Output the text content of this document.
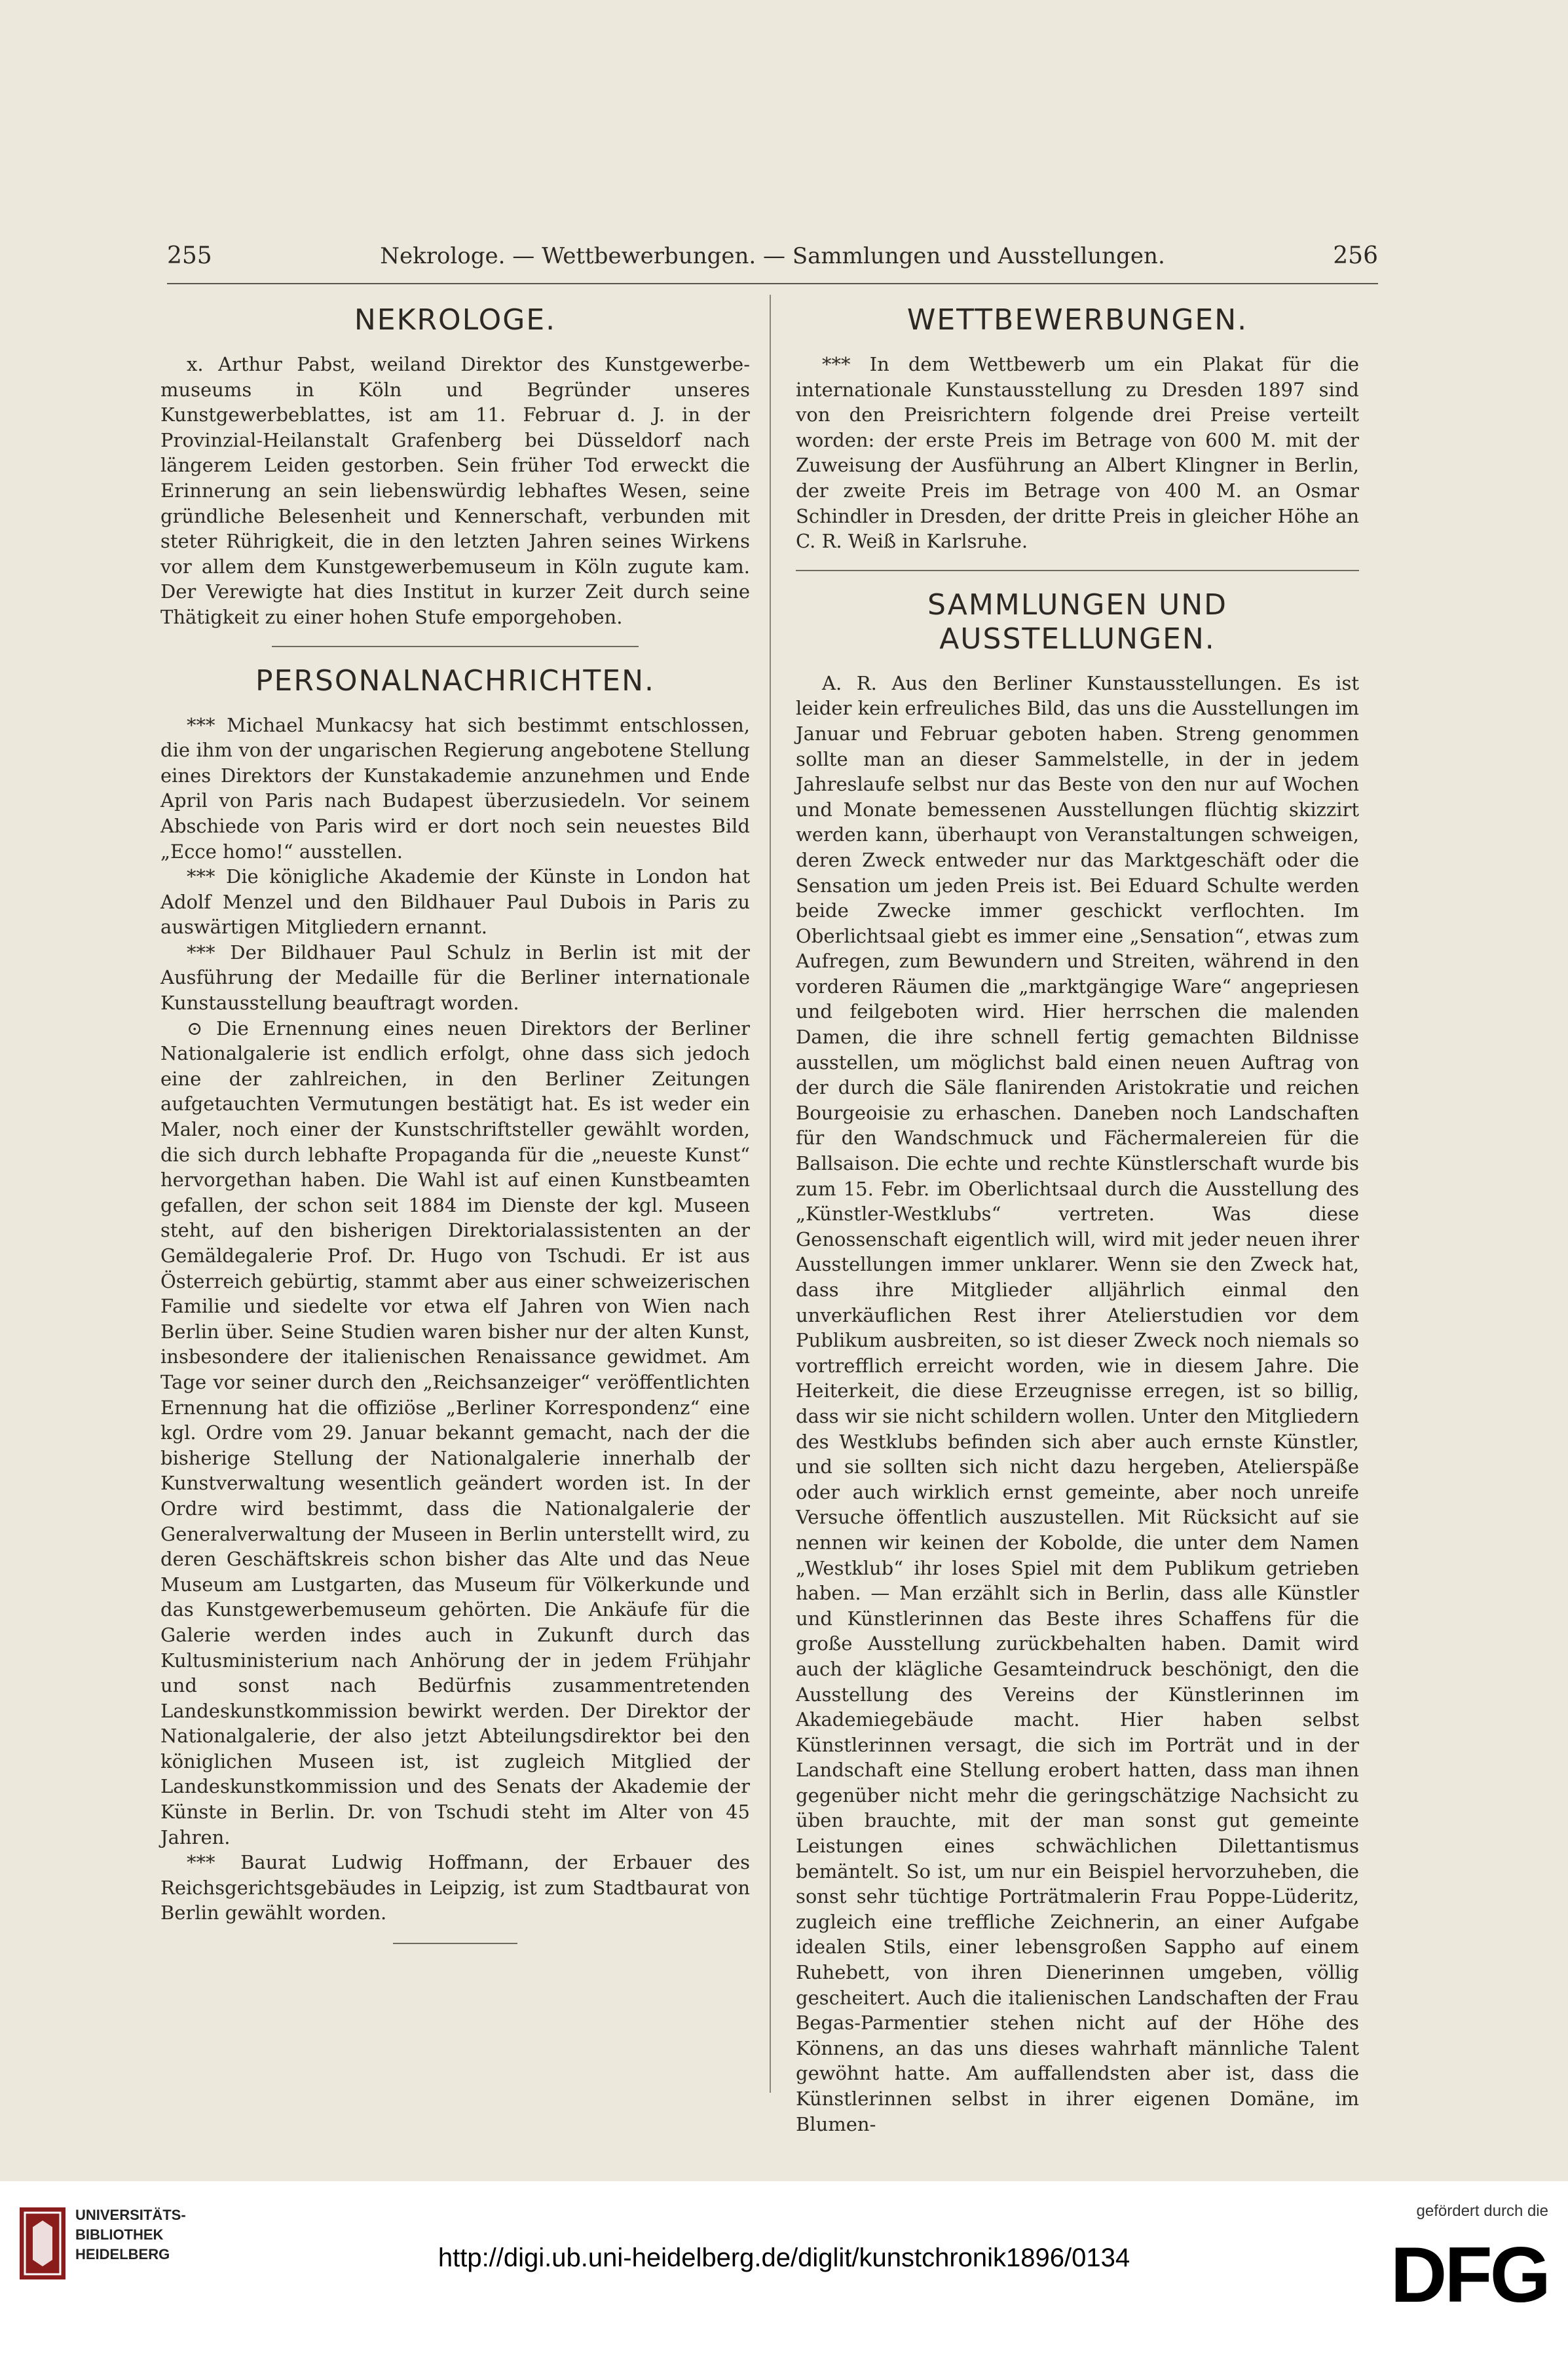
255	Nekrologe. — Wettbewerbungen. — Sammlungen und Ausstellungen.	256
NEKROLOGE.

x. Arthur Pabst, weiland Direktor des Kunstgewerbe-museums in Köln und Begründer unseres Kunstgewerbeblattes, ist am 11. Februar d. J. in der Provinzial-Heilanstalt Grafenberg bei Düsseldorf nach längerem Leiden gestorben. Sein früher Tod erweckt die Erinnerung an sein liebenswürdig lebhaftes Wesen, seine gründliche Belesenheit und Kennerschaft, verbunden mit steter Rührigkeit, die in den letzten Jahren seines Wirkens vor allem dem Kunstgewerbemuseum in Köln zugute kam. Der Verewigte hat dies Institut in kurzer Zeit durch seine Thätigkeit zu einer hohen Stufe emporgehoben.

PERSONALNACHRICHTEN.

*** Michael Munkacsy hat sich bestimmt entschlossen, die ihm von der ungarischen Regierung angebotene Stellung eines Direktors der Kunstakademie anzunehmen und Ende April von Paris nach Budapest überzusiedeln. Vor seinem Abschiede von Paris wird er dort noch sein neuestes Bild „Ecce homo!“ ausstellen.

*** Die königliche Akademie der Künste in London hat Adolf Menzel und den Bildhauer Paul Dubois in Paris zu auswärtigen Mitgliedern ernannt.

*** Der Bildhauer Paul Schulz in Berlin ist mit der Ausführung der Medaille für die Berliner internationale Kunstausstellung beauftragt worden.

⊙ Die Ernennung eines neuen Direktors der Berliner Nationalgalerie ist endlich erfolgt, ohne dass sich jedoch eine der zahlreichen, in den Berliner Zeitungen aufgetauchten Vermutungen bestätigt hat. Es ist weder ein Maler, noch einer der Kunstschriftsteller gewählt worden, die sich durch lebhafte Propaganda für die „neueste Kunst“ hervorgethan haben. Die Wahl ist auf einen Kunstbeamten gefallen, der schon seit 1884 im Dienste der kgl. Museen steht, auf den bisherigen Direktorialassistenten an der Gemäldegalerie Prof. Dr. Hugo von Tschudi. Er ist aus Österreich gebürtig, stammt aber aus einer schweizerischen Familie und siedelte vor etwa elf Jahren von Wien nach Berlin über. Seine Studien waren bisher nur der alten Kunst, insbesondere der italienischen Renaissance gewidmet. Am Tage vor seiner durch den „Reichsanzeiger“ veröffentlichten Ernennung hat die offiziöse „Berliner Korrespondenz“ eine kgl. Ordre vom 29. Januar bekannt gemacht, nach der die bisherige Stellung der Nationalgalerie innerhalb der Kunstverwaltung wesentlich geändert worden ist. In der Ordre wird bestimmt, dass die Nationalgalerie der Generalverwaltung der Museen in Berlin unterstellt wird, zu deren Geschäftskreis schon bisher das Alte und das Neue Museum am Lustgarten, das Museum für Völkerkunde und das Kunstgewerbemuseum gehörten. Die Ankäufe für die Galerie werden indes auch in Zukunft durch das Kultusministerium nach Anhörung der in jedem Frühjahr und sonst nach Bedürfnis zusammentretenden Landeskunstkommission bewirkt werden. Der Direktor der Nationalgalerie, der also jetzt Abteilungsdirektor bei den königlichen Museen ist, ist zugleich Mitglied der Landeskunstkommission und des Senats der Akademie der Künste in Berlin. Dr. von Tschudi steht im Alter von 45 Jahren.

*** Baurat Ludwig Hoffmann, der Erbauer des Reichsgerichtsgebäudes in Leipzig, ist zum Stadtbaurat von Berlin gewählt worden.

WETTBEWERBUNGEN.

*** In dem Wettbewerb um ein Plakat für die internationale Kunstausstellung zu Dresden 1897 sind von den Preisrichtern folgende drei Preise verteilt worden: der erste Preis im Betrage von 600 M. mit der Zuweisung der Ausführung an Albert Klingner in Berlin, der zweite Preis im Betrage von 400 M. an Osmar Schindler in Dresden, der dritte Preis in gleicher Höhe an C. R. Weiß in Karlsruhe.

SAMMLUNGEN UND AUSSTELLUNGEN.

A. R. Aus den Berliner Kunstausstellungen. Es ist leider kein erfreuliches Bild, das uns die Ausstellungen im Januar und Februar geboten haben. Streng genommen sollte man an dieser Sammelstelle, in der in jedem Jahreslaufe selbst nur das Beste von den nur auf Wochen und Monate bemessenen Ausstellungen flüchtig skizzirt werden kann, überhaupt von Veranstaltungen schweigen, deren Zweck entweder nur das Marktgeschäft oder die Sensation um jeden Preis ist. Bei Eduard Schulte werden beide Zwecke immer geschickt verflochten. Im Oberlichtsaal giebt es immer eine „Sensation“, etwas zum Aufregen, zum Bewundern und Streiten, während in den vorderen Räumen die „marktgängige Ware“ angepriesen und feilgeboten wird. Hier herrschen die malenden Damen, die ihre schnell fertig gemachten Bildnisse ausstellen, um möglichst bald einen neuen Auftrag von der durch die Säle flanirenden Aristokratie und reichen Bourgeoisie zu erhaschen. Daneben noch Landschaften für den Wandschmuck und Fächermalereien für die Ballsaison. Die echte und rechte Künstlerschaft wurde bis zum 15. Febr. im Oberlichtsaal durch die Ausstellung des „Künstler-Westklubs“ vertreten. Was diese Genossenschaft eigentlich will, wird mit jeder neuen ihrer Ausstellungen immer unklarer. Wenn sie den Zweck hat, dass ihre Mitglieder alljährlich einmal den unverkäuflichen Rest ihrer Atelierstudien vor dem Publikum ausbreiten, so ist dieser Zweck noch niemals so vortrefflich erreicht worden, wie in diesem Jahre. Die Heiterkeit, die diese Erzeugnisse erregen, ist so billig, dass wir sie nicht schildern wollen. Unter den Mitgliedern des Westklubs befinden sich aber auch ernste Künstler, und sie sollten sich nicht dazu hergeben, Atelierspäße oder auch wirklich ernst gemeinte, aber noch unreife Versuche öffentlich auszustellen. Mit Rücksicht auf sie nennen wir keinen der Kobolde, die unter dem Namen „Westklub“ ihr loses Spiel mit dem Publikum getrieben haben. — Man erzählt sich in Berlin, dass alle Künstler und Künstlerinnen das Beste ihres Schaffens für die große Ausstellung zurückbehalten haben. Damit wird auch der klägliche Gesamteindruck beschönigt, den die Ausstellung des Vereins der Künstlerinnen im Akademiegebäude macht. Hier haben selbst Künstlerinnen versagt, die sich im Porträt und in der Landschaft eine Stellung erobert hatten, dass man ihnen gegenüber nicht mehr die geringschätzige Nachsicht zu üben brauchte, mit der man sonst gut gemeinte Leistungen eines schwächlichen Dilettantismus bemäntelt. So ist, um nur ein Beispiel hervorzuheben, die sonst sehr tüchtige Porträtmalerin Frau Poppe-Lüderitz, zugleich eine treffliche Zeichnerin, an einer Aufgabe idealen Stils, einer lebensgroßen Sappho auf einem Ruhebett, von ihren Dienerinnen umgeben, völlig gescheitert. Auch die italienischen Landschaften der Frau Begas-Parmentier stehen nicht auf der Höhe des Könnens, an das uns dieses wahrhaft männliche Talent gewöhnt hatte. Am auffallendsten aber ist, dass die Künstlerinnen selbst in ihrer eigenen Domäne, im Blumen-

UNIVERSITÄTS-
BIBLIOTHEK
HEIDELBERG	http://digi.ub.uni-heidelberg.de/diglit/kunstchronik1896/0134
gefördert durch die
DFG
